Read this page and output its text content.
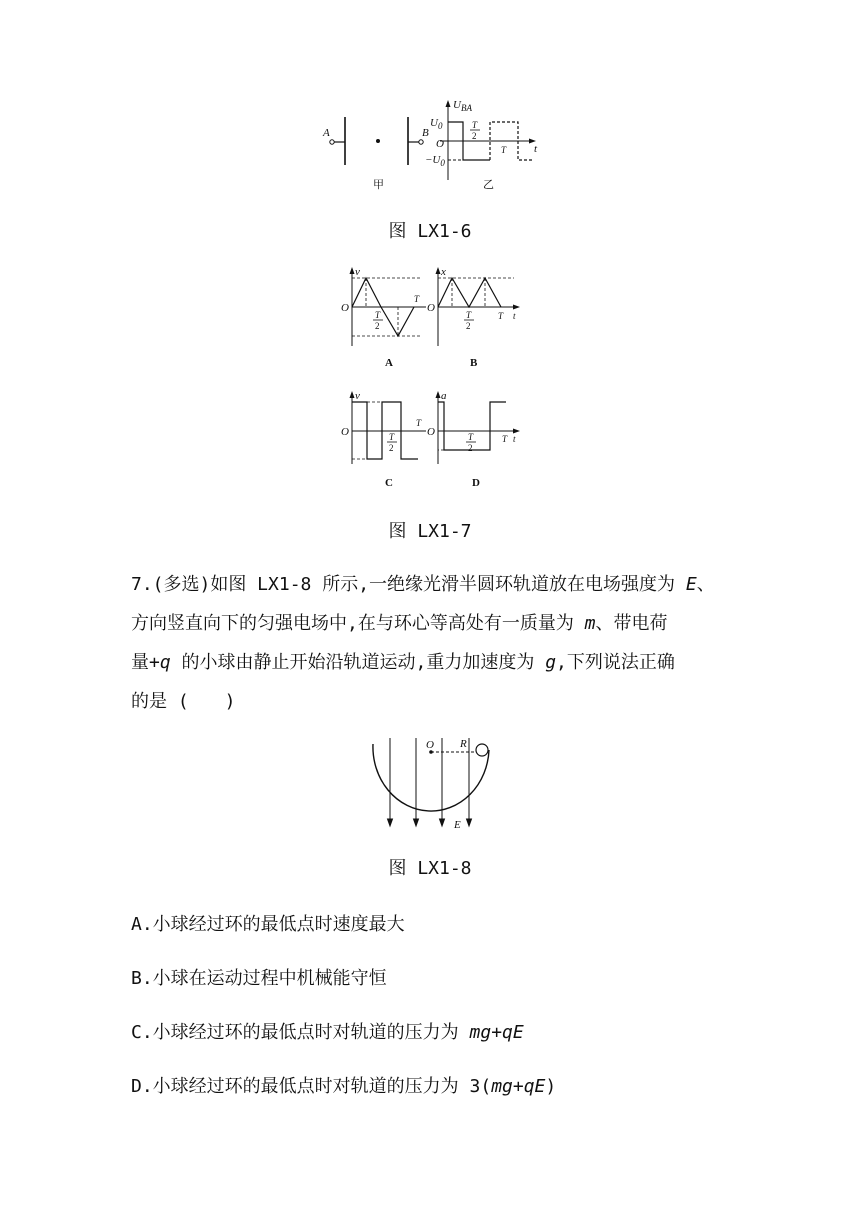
A	B
甲
$U_{BA}$
$U_0$
O
$-U_0$
T
2
T	t
乙
图 LX1-6
v
O
T
2
T
A
x
O
T
2
T t
B
v
O	T
2
T
C
a
O	T
2
T t
D
图 LX1-7
7.(多选)如图 LX1-8 所示,一绝缘光滑半圆环轨道放在电场强度为 E、
方向竖直向下的匀强电场中,在与环心等高处有一质量为 m、带电荷
量+q 的小球由静止开始沿轨道运动,重力加速度为 g,下列说法正确
的是 (　　)
O R
E
图 LX1-8
A.小球经过环的最低点时速度最大
B.小球在运动过程中机械能守恒
C.小球经过环的最低点时对轨道的压力为 mg+qE
D.小球经过环的最低点时对轨道的压力为 3(mg+qE)
